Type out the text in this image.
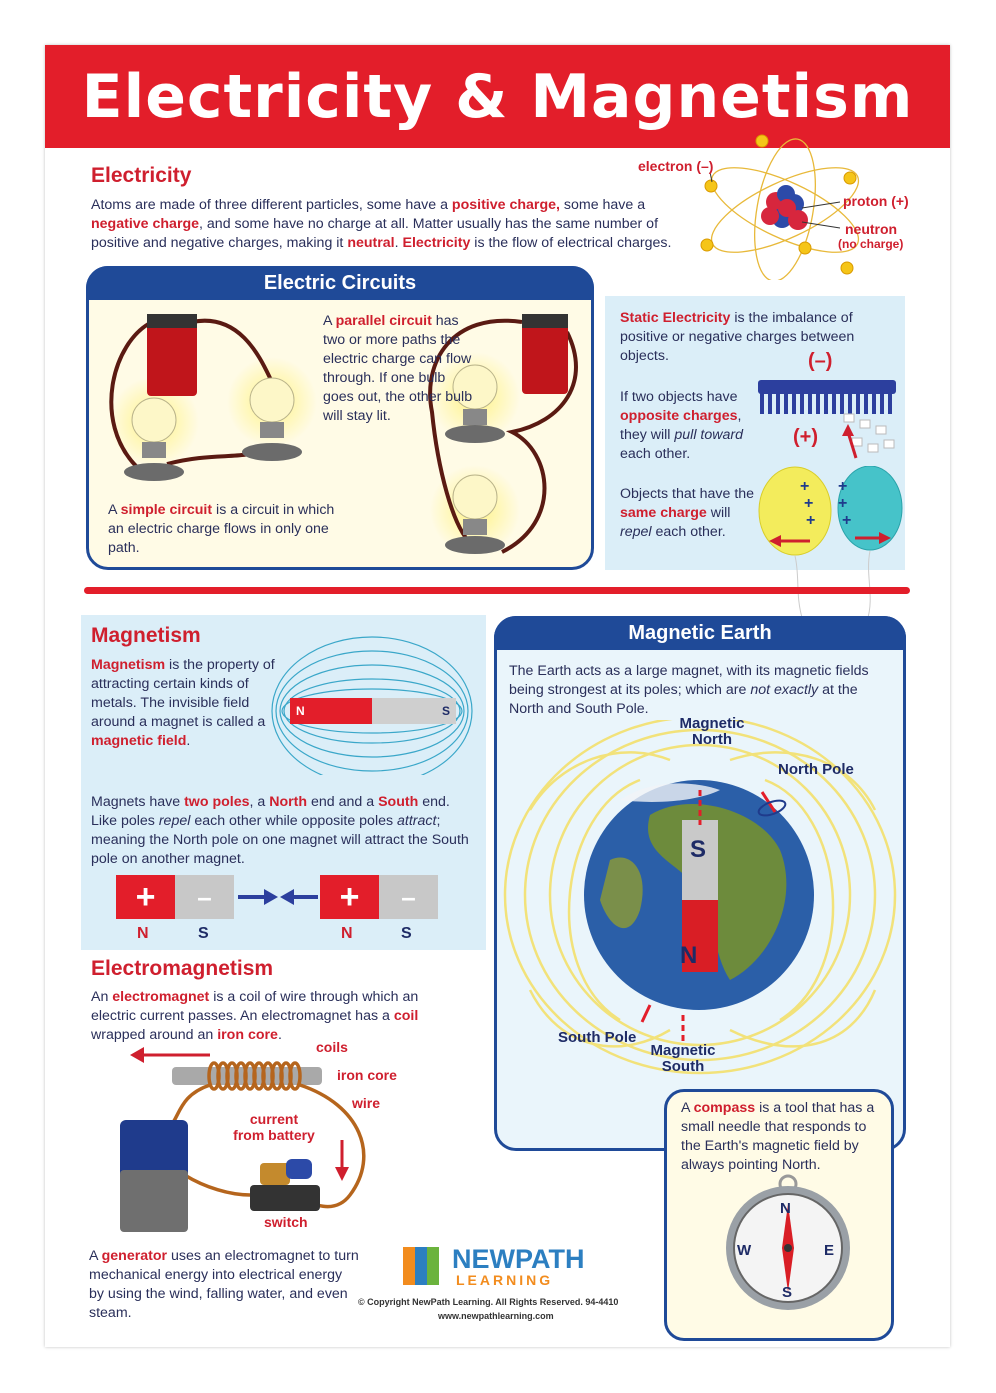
Electricity & Magnetism
Electricity
Atoms are made of three different particles, some have a positive charge, some have a negative charge, and some have no charge at all. Matter usually has the same number of positive and negative charges, making it neutral. Electricity is the flow of electrical charges.
electron (–)
proton (+)
neutron
(no charge)
Electric Circuits
A parallel circuit has two or more paths the electric charge can flow through. If one bulb goes out, the other bulb will stay lit.
A simple circuit is a circuit in which an electric charge flows in only one path.
Static Electricity is the imbalance of positive or negative charges between objects.
If two objects have opposite charges, they will pull toward each other.
Objects that have the same charge will repel each other.
(–)
(+)
+
+
+
+
+
+
Magnetism
Magnetism is the property of attracting certain kinds of metals. The invisible field around a magnet is called a magnetic field.
N	S
Magnets have two poles, a North end and a South end. Like poles repel each other while opposite poles attract; meaning the North pole on one magnet will attract the South pole on another magnet.
+	–	+	–
N	S	N	S
Magnetic Earth
The Earth acts as a large magnet, with its magnetic fields being strongest at its poles; which are not exactly at the North and South Pole.
S
N
Magnetic North
North Pole
South Pole
Magnetic South
A compass is a tool that has a small needle that responds to the Earth's magnetic field by always pointing North.
N
E
S
W
Electromagnetism
An electromagnet is a coil of wire through which an electric current passes. An electromagnet has a coil wrapped around an iron core.
ALKALINE BATTERY
coils
iron core
wire
current
from battery
switch
A generator uses an electromagnet to turn mechanical energy into electrical energy by using the wind, falling water, and even steam.
NEWPATH
LEARNING
© Copyright NewPath Learning. All Rights Reserved. 94-4410
www.newpathlearning.com
